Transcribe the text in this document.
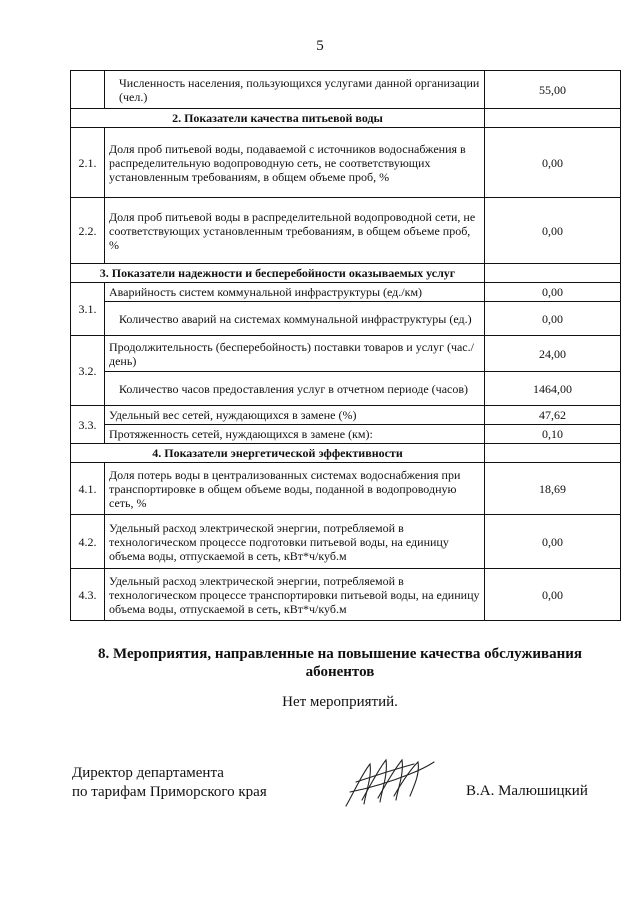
5
	Численность населения, пользующихся услугами данной организации (чел.)	55,00
2. Показатели качества питьевой воды		
2.1.	Доля проб питьевой воды, подаваемой с источников водоснабжения в распределительную водопроводную сеть, не соответствующих установленным требованиям, в общем объеме проб, %	0,00
2.2.	Доля проб питьевой воды в распределительной водопроводной сети, не соответствующих установленным требованиям, в общем объеме проб, %	0,00
3. Показатели надежности и бесперебойности оказываемых услуг		
3.1.	Аварийность систем коммунальной инфраструктуры (ед./км)	0,00
	Количество аварий на системах коммунальной инфраструктуры (ед.)	0,00
3.2.	Продолжительность (бесперебойность) поставки товаров и услуг (час./день)	24,00
	Количество часов предоставления услуг в отчетном периоде (часов)	1464,00
3.3.	Удельный вес сетей, нуждающихся в замене (%)	47,62
	Протяженность сетей, нуждающихся в замене (км):	0,10
4. Показатели энергетической эффективности		
4.1.	Доля потерь воды в централизованных системах водоснабжения при транспортировке в общем объеме воды, поданной в водопроводную сеть, %	18,69
4.2.	Удельный расход электрической энергии, потребляемой в технологическом процессе подготовки питьевой воды, на единицу объема воды, отпускаемой в сеть, кВт*ч/куб.м	0,00
4.3.	Удельный расход электрической энергии, потребляемой в технологическом процессе транспортировки питьевой воды, на единицу объема воды, отпускаемой в сеть, кВт*ч/куб.м	0,00
8. Мероприятия, направленные на повышение качества обслуживания абонентов
Нет мероприятий.
Директор департамента
по тарифам Приморского края	В.А. Малюшицкий
